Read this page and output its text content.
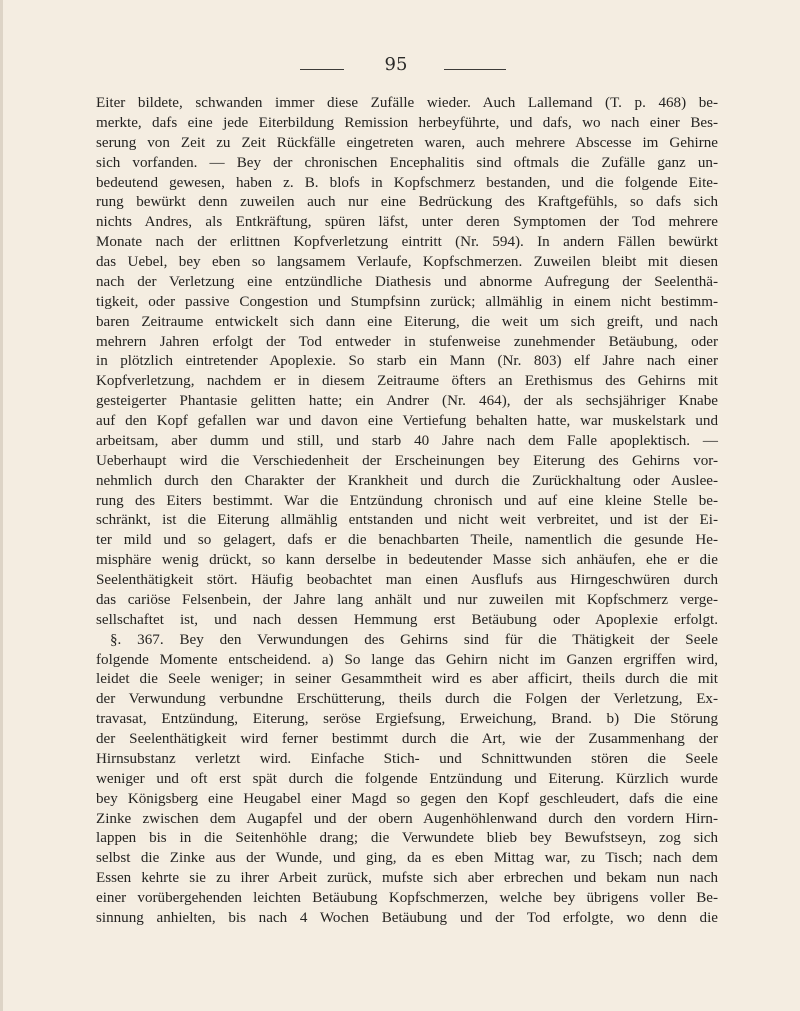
95
Eiter bildete, schwanden immer diese Zufälle wieder. Auch Lallemand (T. p. 468) be-
merkte, dafs eine jede Eiterbildung Remission herbeyführte, und dafs, wo nach einer Bes-
serung von Zeit zu Zeit Rückfälle eingetreten waren, auch mehrere Abscesse im Gehirne
sich vorfanden. — Bey der chronischen Encephalitis sind oftmals die Zufälle ganz un-
bedeutend gewesen, haben z. B. blofs in Kopfschmerz bestanden, und die folgende Eite-
rung bewürkt denn zuweilen auch nur eine Bedrückung des Kraftgefühls, so dafs sich
nichts Andres, als Entkräftung, spüren läfst, unter deren Symptomen der Tod mehrere
Monate nach der erlittnen Kopfverletzung eintritt (Nr. 594). In andern Fällen bewürkt
das Uebel, bey eben so langsamem Verlaufe, Kopfschmerzen. Zuweilen bleibt mit diesen
nach der Verletzung eine entzündliche Diathesis und abnorme Aufregung der Seelenthä-
tigkeit, oder passive Congestion und Stumpfsinn zurück; allmählig in einem nicht bestimm-
baren Zeitraume entwickelt sich dann eine Eiterung, die weit um sich greift, und nach
mehrern Jahren erfolgt der Tod entweder in stufenweise zunehmender Betäubung, oder
in plötzlich eintretender Apoplexie. So starb ein Mann (Nr. 803) elf Jahre nach einer
Kopfverletzung, nachdem er in diesem Zeitraume öfters an Erethismus des Gehirns mit
gesteigerter Phantasie gelitten hatte; ein Andrer (Nr. 464), der als sechsjähriger Knabe
auf den Kopf gefallen war und davon eine Vertiefung behalten hatte, war muskelstark und
arbeitsam, aber dumm und still, und starb 40 Jahre nach dem Falle apoplektisch. —
Ueberhaupt wird die Verschiedenheit der Erscheinungen bey Eiterung des Gehirns vor-
nehmlich durch den Charakter der Krankheit und durch die Zurückhaltung oder Auslee-
rung des Eiters bestimmt. War die Entzündung chronisch und auf eine kleine Stelle be-
schränkt, ist die Eiterung allmählig entstanden und nicht weit verbreitet, und ist der Ei-
ter mild und so gelagert, dafs er die benachbarten Theile, namentlich die gesunde He-
misphäre wenig drückt, so kann derselbe in bedeutender Masse sich anhäufen, ehe er die
Seelenthätigkeit stört. Häufig beobachtet man einen Ausflufs aus Hirngeschwüren durch
das cariöse Felsenbein, der Jahre lang anhält und nur zuweilen mit Kopfschmerz verge-
sellschaftet ist, und nach dessen Hemmung erst Betäubung oder Apoplexie erfolgt.
§. 367. Bey den Verwundungen des Gehirns sind für die Thätigkeit der Seele
folgende Momente entscheidend. a) So lange das Gehirn nicht im Ganzen ergriffen wird,
leidet die Seele weniger; in seiner Gesammtheit wird es aber afficirt, theils durch die mit
der Verwundung verbundne Erschütterung, theils durch die Folgen der Verletzung, Ex-
travasat, Entzündung, Eiterung, seröse Ergiefsung, Erweichung, Brand. b) Die Störung
der Seelenthätigkeit wird ferner bestimmt durch die Art, wie der Zusammenhang der
Hirnsubstanz verletzt wird. Einfache Stich- und Schnittwunden stören die Seele
weniger und oft erst spät durch die folgende Entzündung und Eiterung. Kürzlich wurde
bey Königsberg eine Heugabel einer Magd so gegen den Kopf geschleudert, dafs die eine
Zinke zwischen dem Augapfel und der obern Augenhöhlenwand durch den vordern Hirn-
lappen bis in die Seitenhöhle drang; die Verwundete blieb bey Bewufstseyn, zog sich
selbst die Zinke aus der Wunde, und ging, da es eben Mittag war, zu Tisch; nach dem
Essen kehrte sie zu ihrer Arbeit zurück, mufste sich aber erbrechen und bekam nun nach
einer vorübergehenden leichten Betäubung Kopfschmerzen, welche bey übrigens voller Be-
sinnung anhielten, bis nach 4 Wochen Betäubung und der Tod erfolgte, wo denn die
